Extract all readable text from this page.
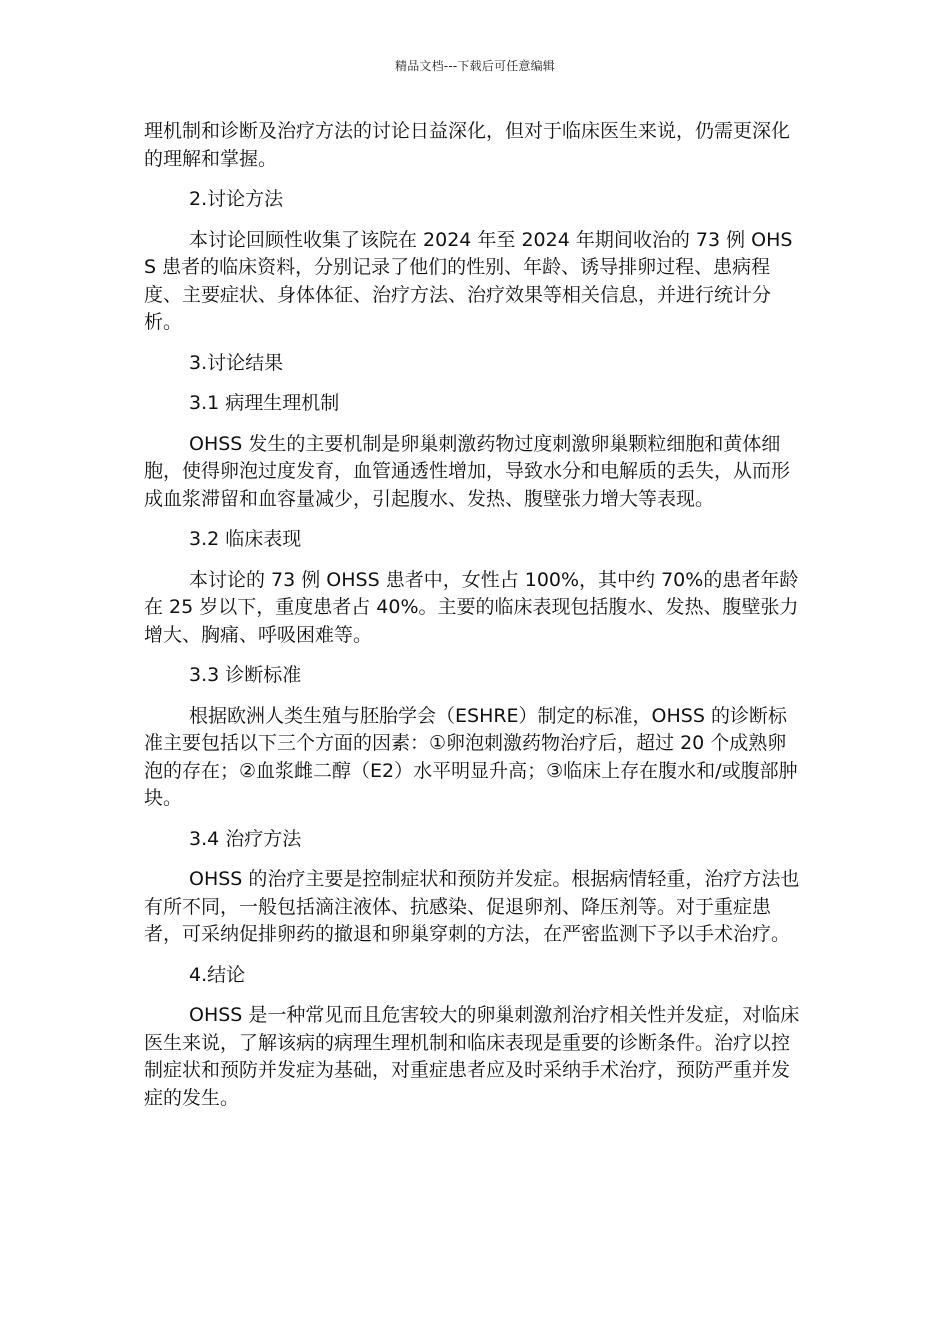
精品文档---下载后可任意编辑

理机制和诊断及治疗方法的讨论日益深化，但对于临床医生来说，仍需更深化的理解和掌握。

2.讨论方法

本讨论回顾性收集了该院在 2024 年至 2024 年期间收治的 73 例 OHSS 患者的临床资料，分别记录了他们的性别、年龄、诱导排卵过程、患病程度、主要症状、身体体征、治疗方法、治疗效果等相关信息，并进行统计分析。

3.讨论结果
3.1 病理生理机制

OHSS 发生的主要机制是卵巢刺激药物过度刺激卵巢颗粒细胞和黄体细胞，使得卵泡过度发育，血管通透性增加，导致水分和电解质的丢失，从而形成血浆滞留和血容量减少，引起腹水、发热、腹壁张力增大等表现。

3.2 临床表现

本讨论的 73 例 OHSS 患者中，女性占 100%，其中约 70%的患者年龄在 25 岁以下，重度患者占 40%。主要的临床表现包括腹水、发热、腹壁张力增大、胸痛、呼吸困难等。

3.3 诊断标准

根据欧洲人类生殖与胚胎学会（ESHRE）制定的标准，OHSS 的诊断标准主要包括以下三个方面的因素：①卵泡刺激药物治疗后，超过 20 个成熟卵泡的存在；②血浆雌二醇（E2）水平明显升高；③临床上存在腹水和/或腹部肿块。

3.4 治疗方法

OHSS 的治疗主要是控制症状和预防并发症。根据病情轻重，治疗方法也有所不同，一般包括滴注液体、抗感染、促退卵剂、降压剂等。对于重症患者，可采纳促排卵药的撤退和卵巢穿刺的方法，在严密监测下予以手术治疗。

4.结论

OHSS 是一种常见而且危害较大的卵巢刺激剂治疗相关性并发症，对临床医生来说，了解该病的病理生理机制和临床表现是重要的诊断条件。治疗以控制症状和预防并发症为基础，对重症患者应及时采纳手术治疗，预防严重并发症的发生。
